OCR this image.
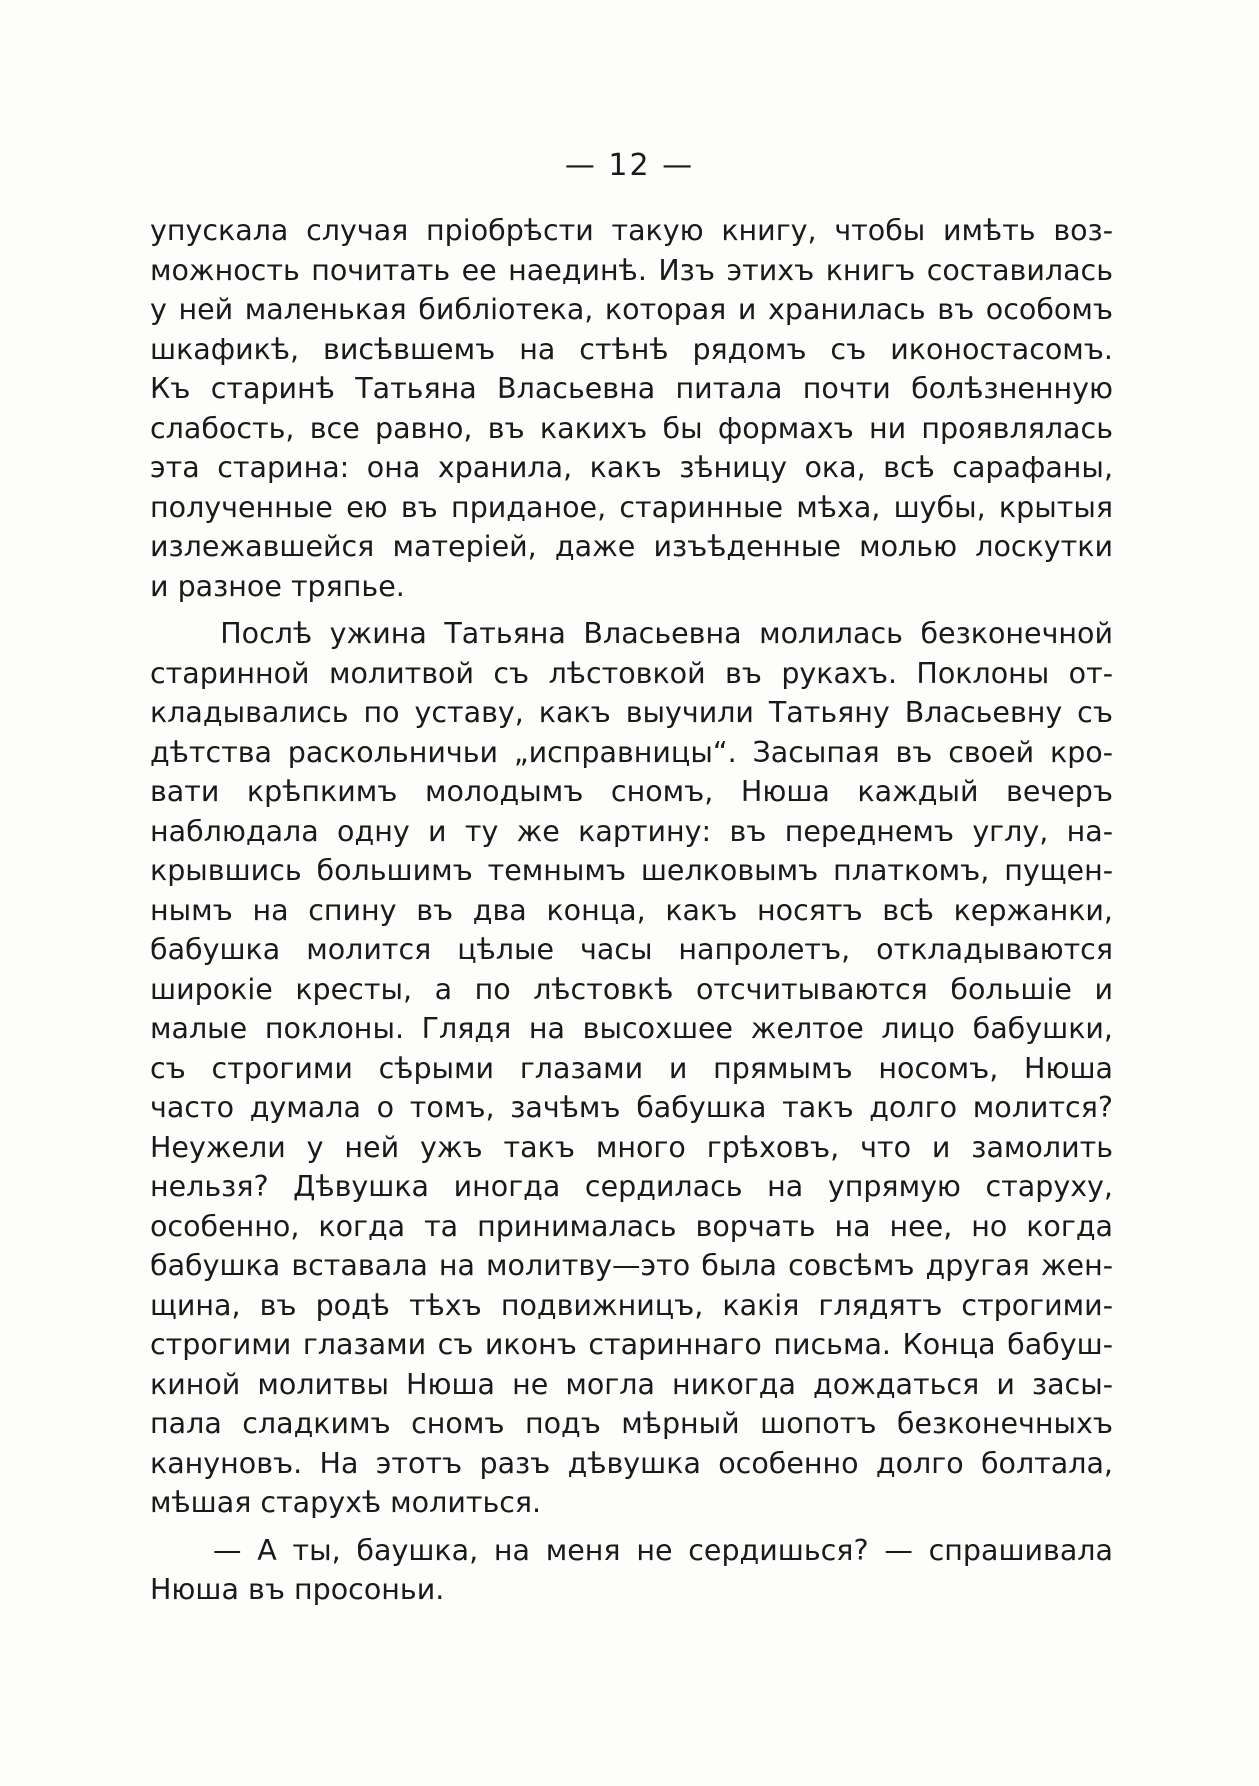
— 12 —
упускала случая пріобрѣсти такую книгу, чтобы имѣть воз-
можность почитать ее наединѣ. Изъ этихъ книгъ составилась
у ней маленькая библіотека, которая и хранилась въ особомъ
шкафикѣ, висѣвшемъ на стѣнѣ рядомъ съ иконостасомъ.
Къ старинѣ Татьяна Власьевна питала почти болѣзненную
слабость, все равно, въ какихъ бы формахъ ни проявлялась
эта старина: она хранила, какъ зѣницу ока, всѣ сарафаны,
полученные ею въ приданое, старинные мѣха, шубы, крытыя
излежавшейся матеріей, даже изъѣденные молью лоскутки
и разное тряпье.
Послѣ ужина Татьяна Власьевна молилась безконечной
старинной молитвой съ лѣстовкой въ рукахъ. Поклоны от-
кладывались по уставу, какъ выучили Татьяну Власьевну съ
дѣтства раскольничьи „исправницы“. Засыпая въ своей кро-
вати крѣпкимъ молодымъ сномъ, Нюша каждый вечеръ
наблюдала одну и ту же картину: въ переднемъ углу, на-
крывшись большимъ темнымъ шелковымъ платкомъ, пущен-
нымъ на спину въ два конца, какъ носятъ всѣ кержанки,
бабушка молится цѣлые часы напролетъ, откладываются
широкіе кресты, а по лѣстовкѣ отсчитываются большіе и
малые поклоны. Глядя на высохшее желтое лицо бабушки,
съ строгими сѣрыми глазами и прямымъ носомъ, Нюша
часто думала о томъ, зачѣмъ бабушка такъ долго молится?
Неужели у ней ужъ такъ много грѣховъ, что и замолить
нельзя? Дѣвушка иногда сердилась на упрямую старуху,
особенно, когда та принималась ворчать на нее, но когда
бабушка вставала на молитву—это была совсѣмъ другая жен-
щина, въ родѣ тѣхъ подвижницъ, какія глядятъ строгими-
строгими глазами съ иконъ стариннаго письма. Конца бабуш-
киной молитвы Нюша не могла никогда дождаться и засы-
пала сладкимъ сномъ подъ мѣрный шопотъ безконечныхъ
кануновъ. На этотъ разъ дѣвушка особенно долго болтала,
мѣшая старухѣ молиться.
— А ты, баушка, на меня не сердишься? — спрашивала
Нюша въ просоньи.
